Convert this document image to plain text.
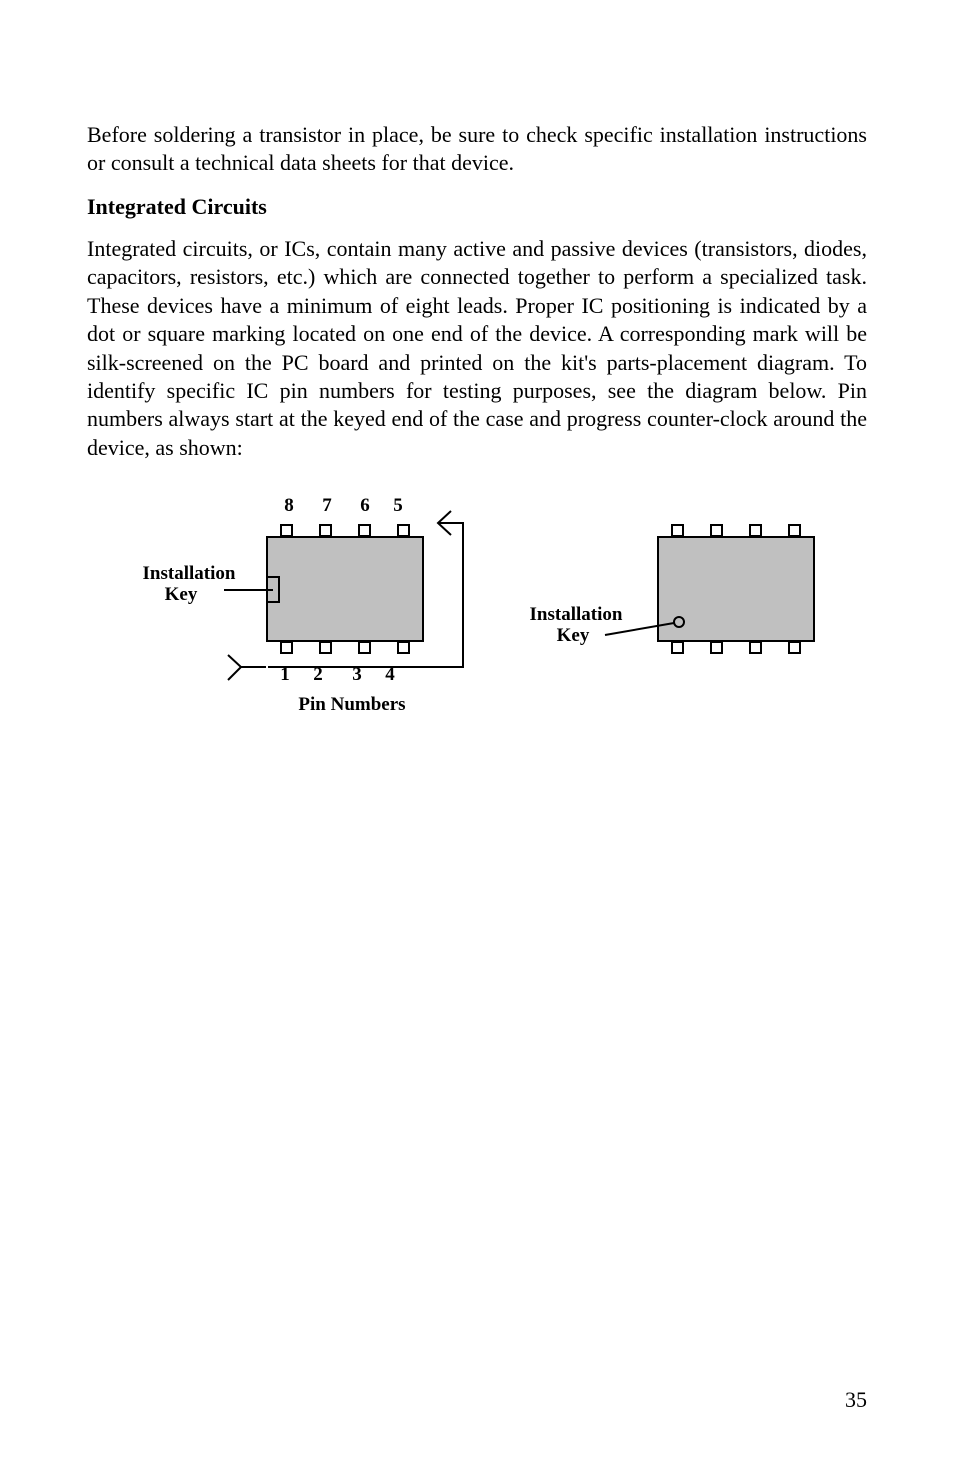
Before soldering a transistor in place, be sure to check specific installation instructions or consult a technical data sheets for that device.

Integrated Circuits

Integrated circuits, or ICs, contain many active and passive devices (transistors, diodes, capacitors, resistors, etc.) which are connected together to perform a specialized task. These devices have a minimum of eight leads. Proper IC positioning is indicated by a dot or square marking located on one end of the device. A corresponding mark will be silk-screened on the PC board and printed on the kit's parts-placement diagram. To identify specific IC pin numbers for testing purposes, see the diagram below. Pin numbers always start at the keyed end of the case and progress counter-clock around the device, as shown:

8 7 6 5
1 2 3 4
Installation
Key
Pin Numbers
Installation
Key

35
